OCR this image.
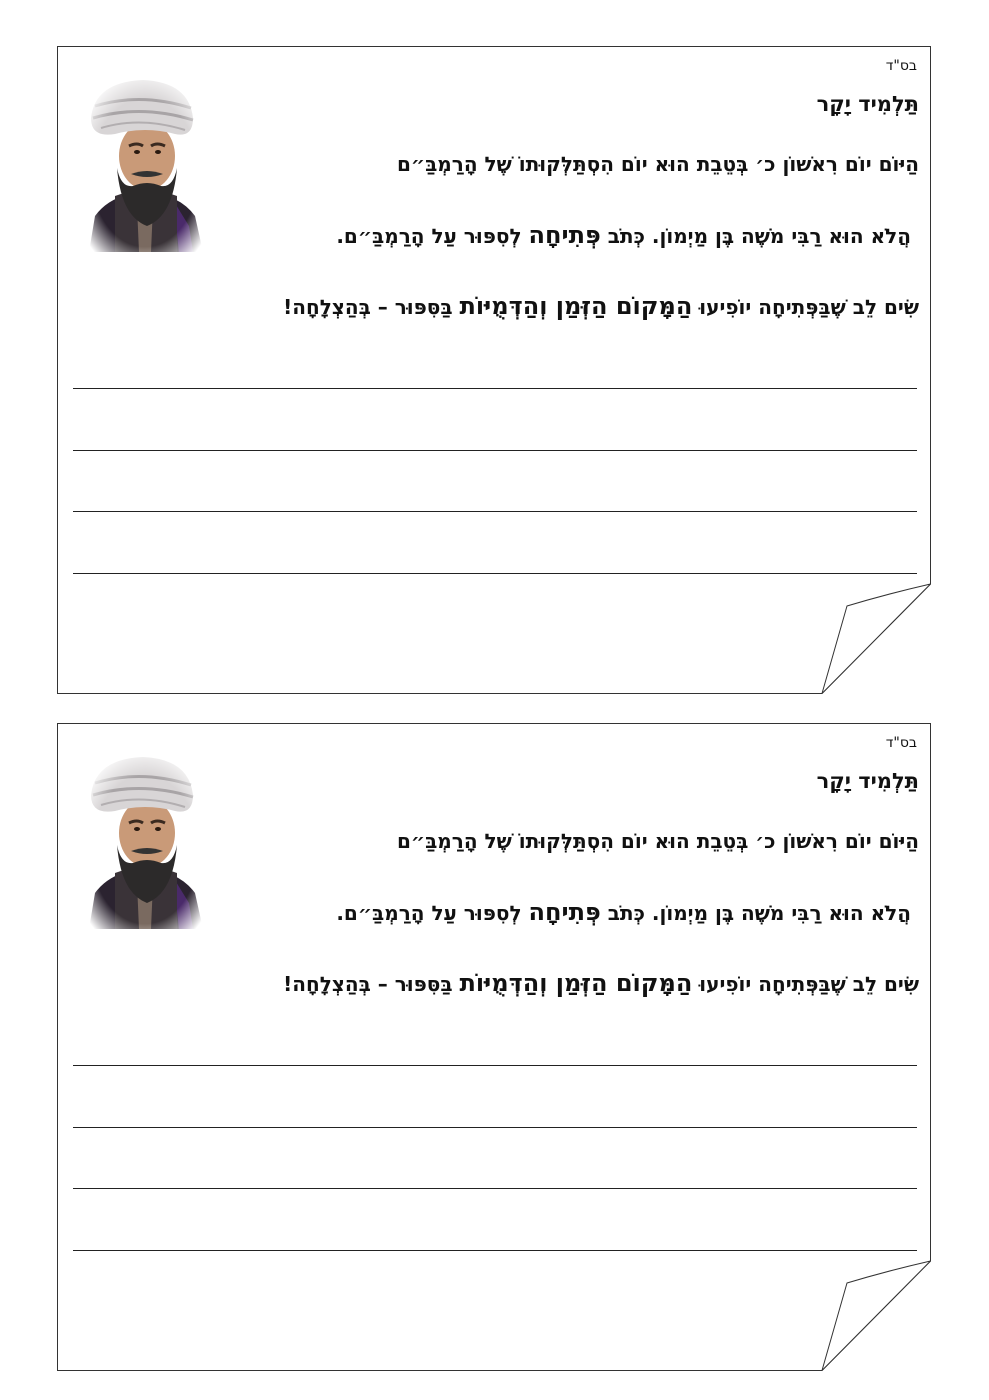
בס"ד
תַּלְמִיד יָקָר
הַיּוֹם יוֹם רִאשׁוֹן כ׳ בְּטֵבֵת הוּא יוֹם הִסְתַּלְּקוּתוֹ שֶׁל הָרַמְבַּ״ם
הֲלֹא הוּא רַבִּי מֹשֶׁה בֶּן מַיְמוֹן. כְּתֹב פְּתִיחָה לְסִפּוּר עַל הָרַמְבַּ״ם.
שִׂים לֵב שֶׁבַּפְּתִיחָה יוֹפִיעוּ הַמָּקוֹם הַזְּמַן וְהַדְּמֻיּוֹת בַּסִּפּוּר – בְּהַצְלָחָה!
בס"ד
תַּלְמִיד יָקָר
הַיּוֹם יוֹם רִאשׁוֹן כ׳ בְּטֵבֵת הוּא יוֹם הִסְתַּלְּקוּתוֹ שֶׁל הָרַמְבַּ״ם
הֲלֹא הוּא רַבִּי מֹשֶׁה בֶּן מַיְמוֹן. כְּתֹב פְּתִיחָה לְסִפּוּר עַל הָרַמְבַּ״ם.
שִׂים לֵב שֶׁבַּפְּתִיחָה יוֹפִיעוּ הַמָּקוֹם הַזְּמַן וְהַדְּמֻיּוֹת בַּסִּפּוּר – בְּהַצְלָחָה!
